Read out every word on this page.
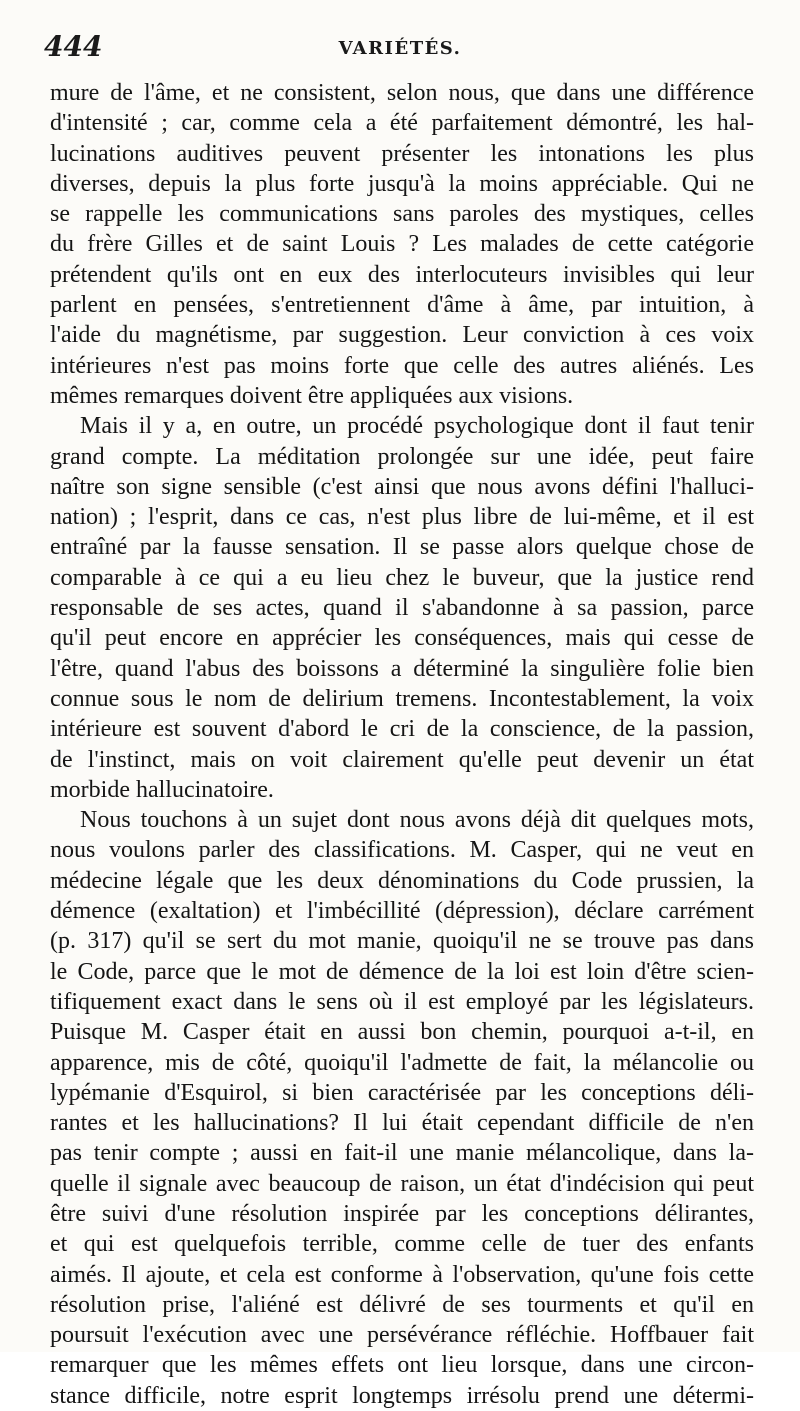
444	VARIÉTÉS.
mure de l'âme, et ne consistent, selon nous, que dans une différence
d'intensité ; car, comme cela a été parfaitement démontré, les hal-
lucinations auditives peuvent présenter les intonations les plus
diverses, depuis la plus forte jusqu'à la moins appréciable. Qui ne
se rappelle les communications sans paroles des mystiques, celles
du frère Gilles et de saint Louis ? Les malades de cette catégorie
prétendent qu'ils ont en eux des interlocuteurs invisibles qui leur
parlent en pensées, s'entretiennent d'âme à âme, par intuition, à
l'aide du magnétisme, par suggestion. Leur conviction à ces voix
intérieures n'est pas moins forte que celle des autres aliénés. Les
mêmes remarques doivent être appliquées aux visions.
Mais il y a, en outre, un procédé psychologique dont il faut tenir
grand compte. La méditation prolongée sur une idée, peut faire
naître son signe sensible (c'est ainsi que nous avons défini l'halluci-
nation) ; l'esprit, dans ce cas, n'est plus libre de lui-même, et il est
entraîné par la fausse sensation. Il se passe alors quelque chose de
comparable à ce qui a eu lieu chez le buveur, que la justice rend
responsable de ses actes, quand il s'abandonne à sa passion, parce
qu'il peut encore en apprécier les conséquences, mais qui cesse de
l'être, quand l'abus des boissons a déterminé la singulière folie bien
connue sous le nom de delirium tremens. Incontestablement, la voix
intérieure est souvent d'abord le cri de la conscience, de la passion,
de l'instinct, mais on voit clairement qu'elle peut devenir un état
morbide hallucinatoire.
Nous touchons à un sujet dont nous avons déjà dit quelques mots,
nous voulons parler des classifications. M. Casper, qui ne veut en
médecine légale que les deux dénominations du Code prussien, la
démence (exaltation) et l'imbécillité (dépression), déclare carrément
(p. 317) qu'il se sert du mot manie, quoiqu'il ne se trouve pas dans
le Code, parce que le mot de démence de la loi est loin d'être scien-
tifiquement exact dans le sens où il est employé par les législateurs.
Puisque M. Casper était en aussi bon chemin, pourquoi a-t-il, en
apparence, mis de côté, quoiqu'il l'admette de fait, la mélancolie ou
lypémanie d'Esquirol, si bien caractérisée par les conceptions déli-
rantes et les hallucinations? Il lui était cependant difficile de n'en
pas tenir compte ; aussi en fait-il une manie mélancolique, dans la-
quelle il signale avec beaucoup de raison, un état d'indécision qui peut
être suivi d'une résolution inspirée par les conceptions délirantes,
et qui est quelquefois terrible, comme celle de tuer des enfants
aimés. Il ajoute, et cela est conforme à l'observation, qu'une fois cette
résolution prise, l'aliéné est délivré de ses tourments et qu'il en
poursuit l'exécution avec une persévérance réfléchie. Hoffbauer fait
remarquer que les mêmes effets ont lieu lorsque, dans une circon-
stance difficile, notre esprit longtemps irrésolu prend une détermi-
